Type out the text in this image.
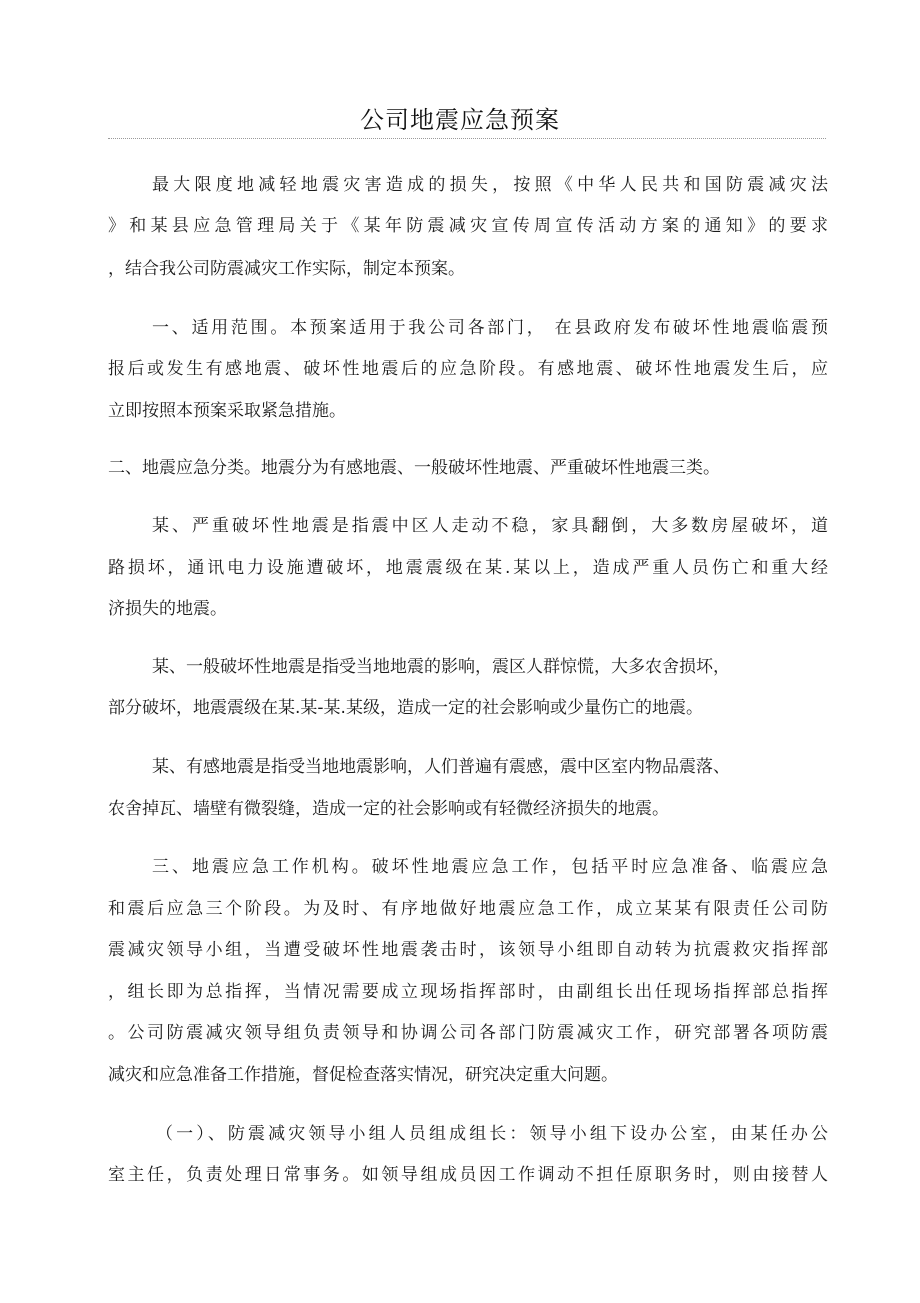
公司地震应急预案
最大限度地减轻地震灾害造成的损失，按照《中华人民共和国防震减灾法
》和某县应急管理局关于《某年防震减灾宣传周宣传活动方案的通知》的要求
，结合我公司防震减灾工作实际，制定本预案。
一、适用范围。本预案适用于我公司各部门， 在县政府发布破坏性地震临震预
报后或发生有感地震、破坏性地震后的应急阶段。有感地震、破坏性地震发生后，应
立即按照本预案采取紧急措施。
二、地震应急分类。地震分为有感地震、一般破坏性地震、严重破坏性地震三类。
某、严重破坏性地震是指震中区人走动不稳，家具翻倒，大多数房屋破坏，道
路损坏，通讯电力设施遭破坏，地震震级在某.某以上，造成严重人员伤亡和重大经
济损失的地震。
某、一般破坏性地震是指受当地地震的影响，震区人群惊慌，大多农舍损坏，
部分破坏，地震震级在某.某-某.某级，造成一定的社会影响或少量伤亡的地震。
某、有感地震是指受当地地震影响，人们普遍有震感，震中区室内物品震落、
农舍掉瓦、墙壁有微裂缝，造成一定的社会影响或有轻微经济损失的地震。
三、地震应急工作机构。破坏性地震应急工作，包括平时应急准备、临震应急
和震后应急三个阶段。为及时、有序地做好地震应急工作，成立某某有限责任公司防
震减灾领导小组，当遭受破坏性地震袭击时，该领导小组即自动转为抗震救灾指挥部
，组长即为总指挥，当情况需要成立现场指挥部时，由副组长出任现场指挥部总指挥
。公司防震减灾领导组负责领导和协调公司各部门防震减灾工作，研究部署各项防震
减灾和应急准备工作措施，督促检查落实情况，研究决定重大问题。
（一）、防震减灾领导小组人员组成组长：领导小组下设办公室，由某任办公
室主任，负责处理日常事务。如领导组成员因工作调动不担任原职务时，则由接替人
